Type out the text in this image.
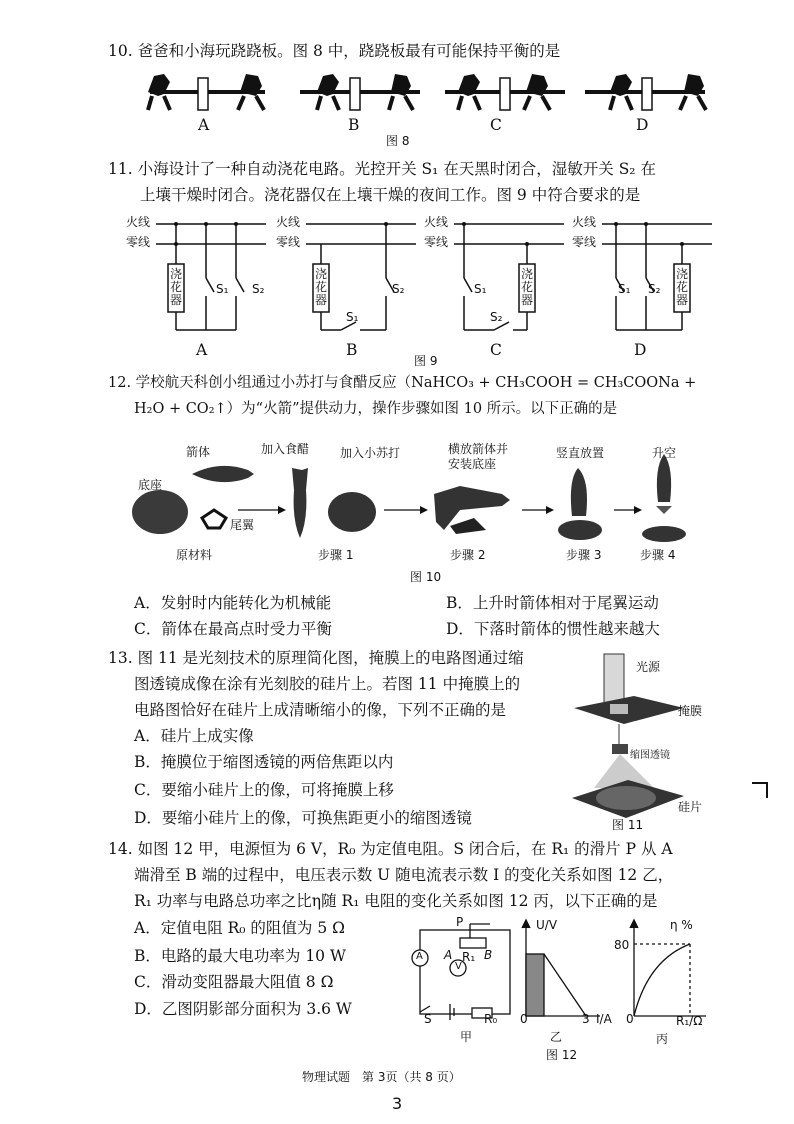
10. 爸爸和小海玩跷跷板。图 8 中，跷跷板最有可能保持平衡的是
A	B	C	D
图 8
11. 小海设计了一种自动浇花电路。光控开关 S₁ 在天黑时闭合，湿敏开关 S₂ 在
上壤干燥时闭合。浇花器仅在上壤干燥的夜间工作。图 9 中符合要求的是
火线
零线
火线
零线
火线
零线
火线
零线
浇花器
S₁ S₂
浇花器
S₁
S₂	S₁
S₂
浇花器
S₁ S₂
浇花器
A	B	C	D
图 9
12. 学校航天科创小组通过小苏打与食醋反应（NaHCO₃ + CH₃COOH = CH₃COONa +
H₂O + CO₂↑）为“火箭”提供动力，操作步骤如图 10 所示。以下正确的是
箭体	加入食醋	加入小苏打	横放箭体并
安装底座
竖直放置	升空
底座
尾翼
原材料	步骤 1	步骤 2	步骤 3	步骤 4
图 10
A．发射时内能转化为机械能	B．上升时箭体相对于尾翼运动
C．箭体在最高点时受力平衡	D．下落时箭体的惯性越来越大
13. 图 11 是光刻技术的原理简化图，掩膜上的电路图通过缩
图透镜成像在涂有光刻胶的硅片上。若图 11 中掩膜上的
电路图恰好在硅片上成清晰缩小的像，下列不正确的是
A．硅片上成实像
B．掩膜位于缩图透镜的两倍焦距以内
C．要缩小硅片上的像，可将掩膜上移
D．要缩小硅片上的像，可换焦距更小的缩图透镜
光源
掩膜
缩图透镜
硅片
图 11
14. 如图 12 甲，电源恒为 6 V，R₀ 为定值电阻。S 闭合后，在 R₁ 的滑片 P 从 A
端滑至 B 端的过程中，电压表示数 U 随电流表示数 I 的变化关系如图 12 乙，
R₁ 功率与电路总功率之比η随 R₁ 电阻的变化关系如图 12 丙，以下正确的是
A．定值电阻 R₀ 的阻值为 5 Ω
B．电路的最大电功率为 10 W
C．滑动变阻器最大阻值 8 Ω
D．乙图阴影部分面积为 3.6 W
P
A A R₁ B
V
S	R₀
甲
U/V
0	3 I/A
乙
η %
80
0	R₁/Ω
丙
图 12
物理试题　第 3页（共 8 页）
3
